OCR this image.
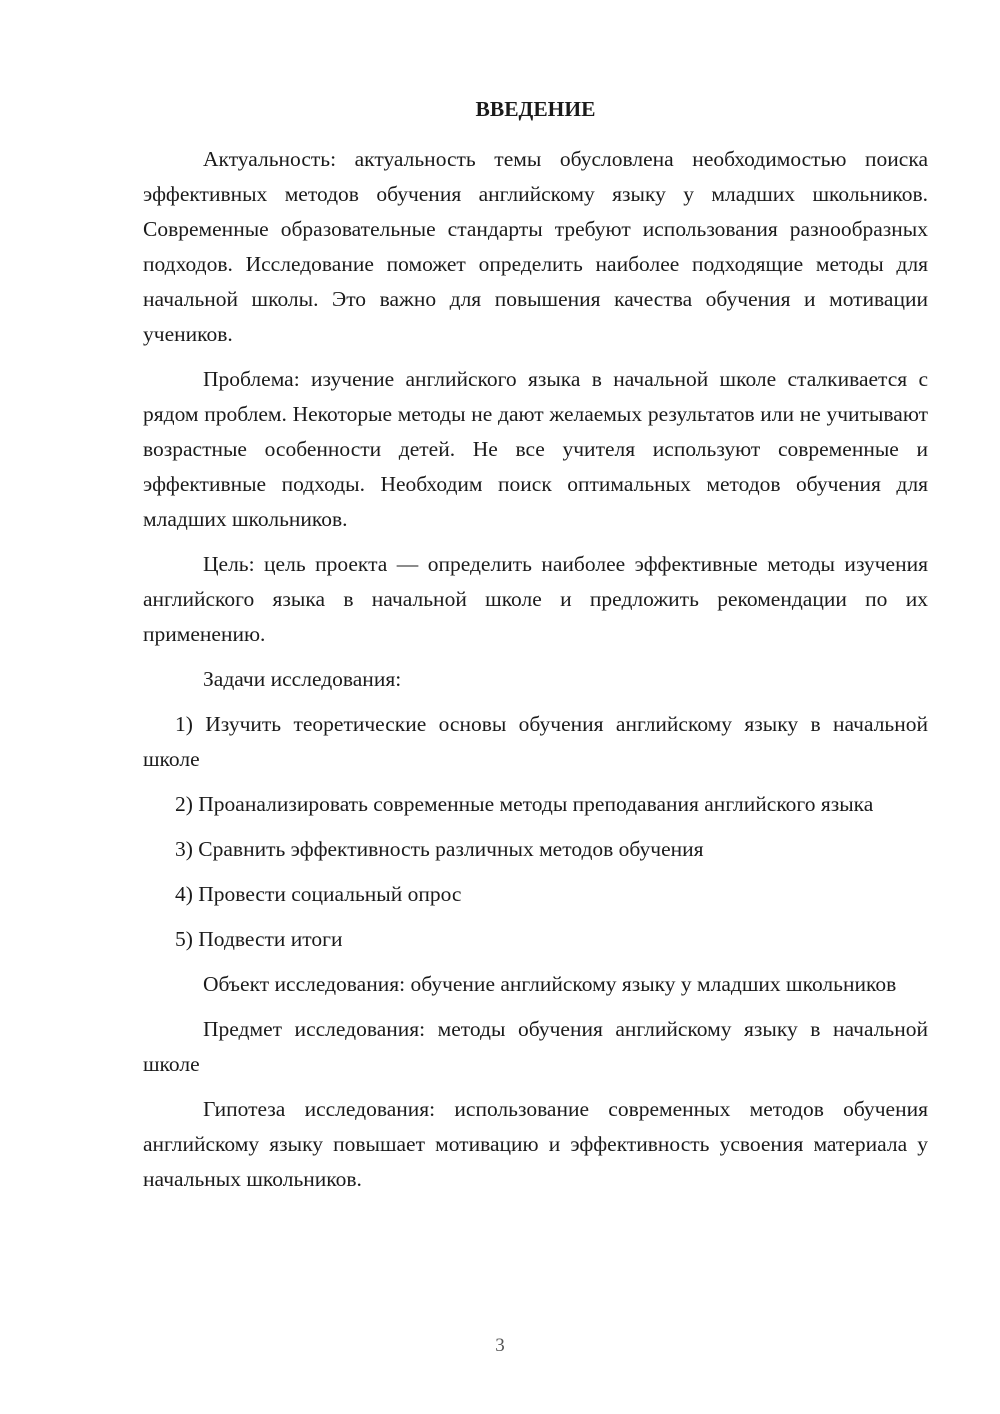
ВВЕДЕНИЕ

Актуальность: актуальность темы обусловлена необходимостью поиска эффективных методов обучения английскому языку у младших школьников. Современные образовательные стандарты требуют использования разнообразных подходов. Исследование поможет определить наиболее подходящие методы для начальной школы. Это важно для повышения качества обучения и мотивации учеников.

Проблема: изучение английского языка в начальной школе сталкивается с рядом проблем. Некоторые методы не дают желаемых результатов или не учитывают возрастные особенности детей. Не все учителя используют современные и эффективные подходы. Необходим поиск оптимальных методов обучения для младших школьников.

Цель: цель проекта — определить наиболее эффективные методы изучения английского языка в начальной школе и предложить рекомендации по их применению.

Задачи исследования:

1) Изучить теоретические основы обучения английскому языку в начальной школе

2) Проанализировать современные методы преподавания английского языка

3) Сравнить эффективность различных методов обучения

4) Провести социальный опрос

5) Подвести итоги

Объект исследования: обучение английскому языку у младших школьников

Предмет исследования: методы обучения английскому языку в начальной школе

Гипотеза исследования: использование современных методов обучения английскому языку повышает мотивацию и эффективность усвоения материала у начальных школьников.

3
